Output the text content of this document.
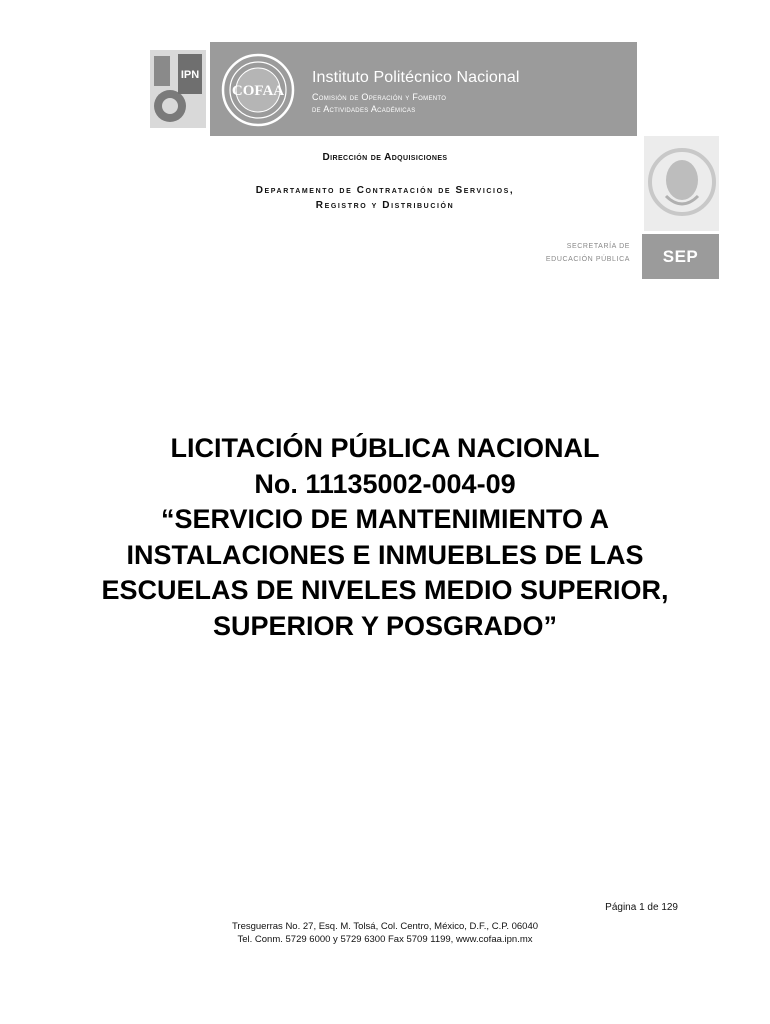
IPN
COFAA
Instituto Politécnico Nacional
Comisión de Operación y Fomento
de Actividades Académicas
SEP
SECRETARÍA DE
EDUCACIÓN PÚBLICA
Dirección de Adquisiciones
Departamento de Contratación de Servicios,
Registro y Distribución
LICITACIÓN PÚBLICA NACIONAL
No. 11135002-004-09
“SERVICIO DE MANTENIMIENTO A
INSTALACIONES E INMUEBLES DE LAS
ESCUELAS DE NIVELES MEDIO SUPERIOR,
SUPERIOR Y POSGRADO”
Página 1 de 129
Tresguerras No. 27, Esq. M. Tolsá, Col. Centro, México, D.F., C.P. 06040
Tel. Conm. 5729 6000 y 5729 6300 Fax 5709 1199, www.cofaa.ipn.mx
